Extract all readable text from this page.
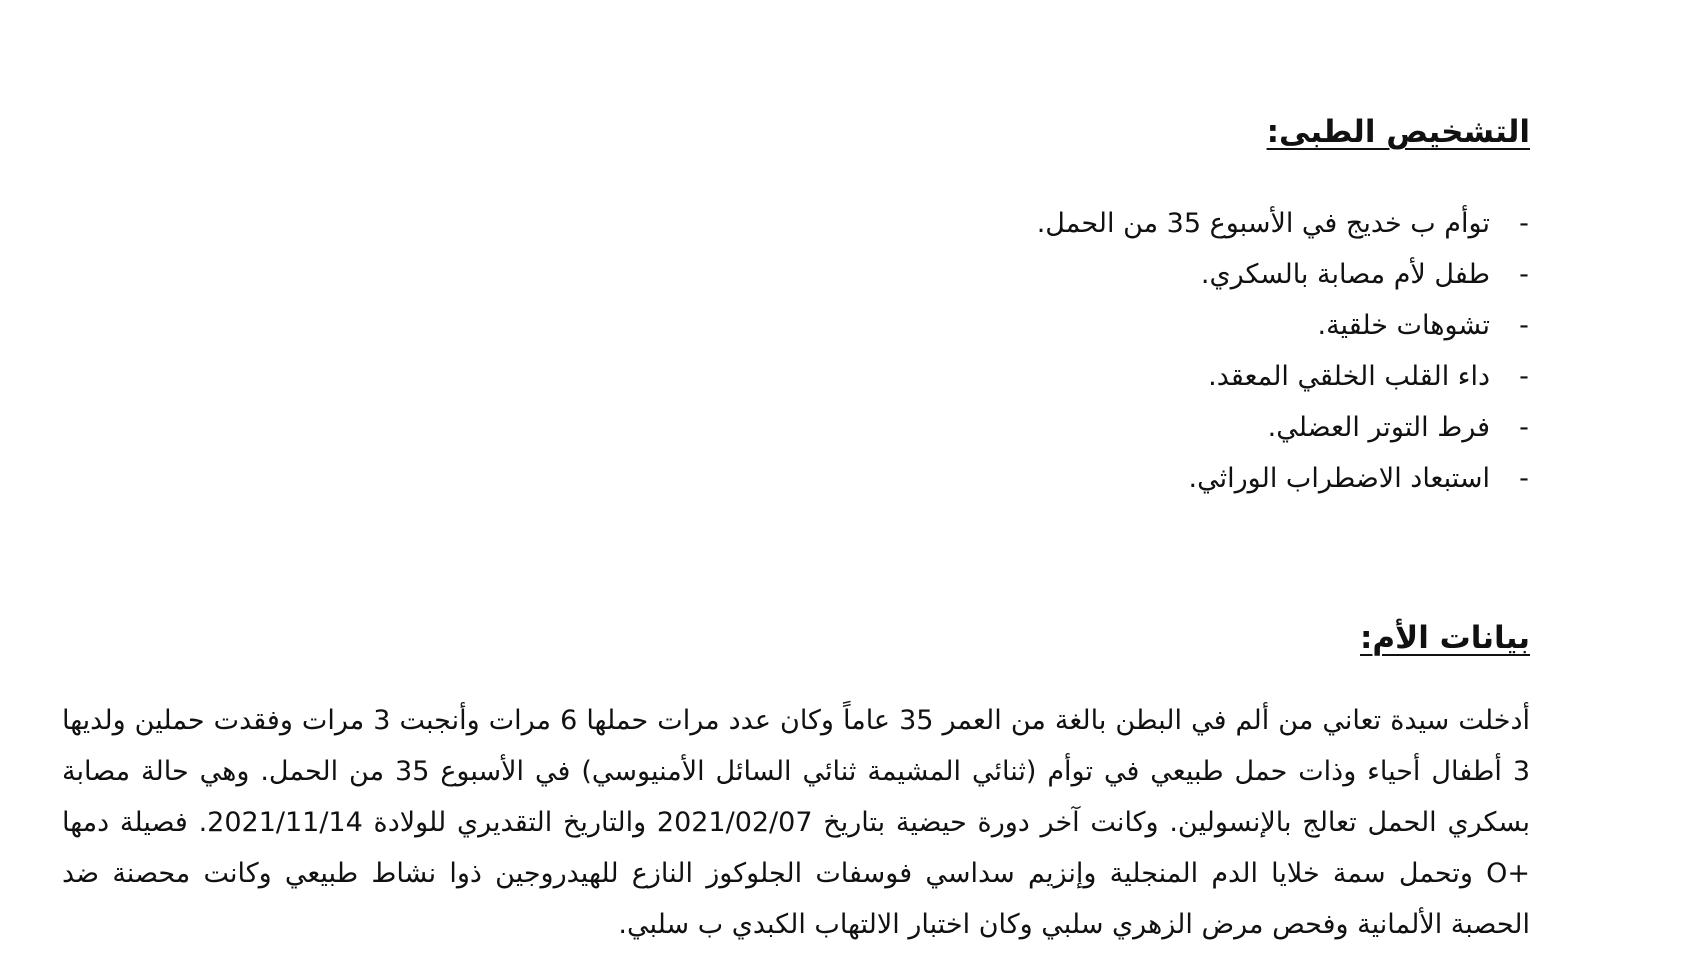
التشخيص الطبى:
-
توأم ب خديج في الأسبوع 35 من الحمل.
-
طفل لأم مصابة بالسكري.
-
تشوهات خلقية.
-
داء القلب الخلقي المعقد.
-
فرط التوتر العضلي.
-
استبعاد الاضطراب الوراثي.
بيانات الأم:

أدخلت سيدة تعاني من ألم في البطن بالغة من العمر 35 عاماً وكان عدد مرات حملها 6 مرات وأنجبت 3 مرات وفقدت حملين ولديها 3 أطفال أحياء وذات حمل طبيعي في توأم (ثنائي المشيمة ثنائي السائل الأمنيوسي) في الأسبوع 35 من الحمل. وهي حالة مصابة بسكري الحمل تعالج بالإنسولين. وكانت آخر دورة حيضية بتاريخ 2021/02/07 والتاريخ التقديري للولادة 2021/11/14. فصيلة دمها +O وتحمل سمة خلايا الدم المنجلية وإنزيم سداسي فوسفات الجلوكوز النازع للهيدروجين ذوا نشاط طبيعي وكانت محصنة ضد الحصبة الألمانية وفحص مرض الزهري سلبي وكان اختبار الالتهاب الكبدي ب سلبي.
